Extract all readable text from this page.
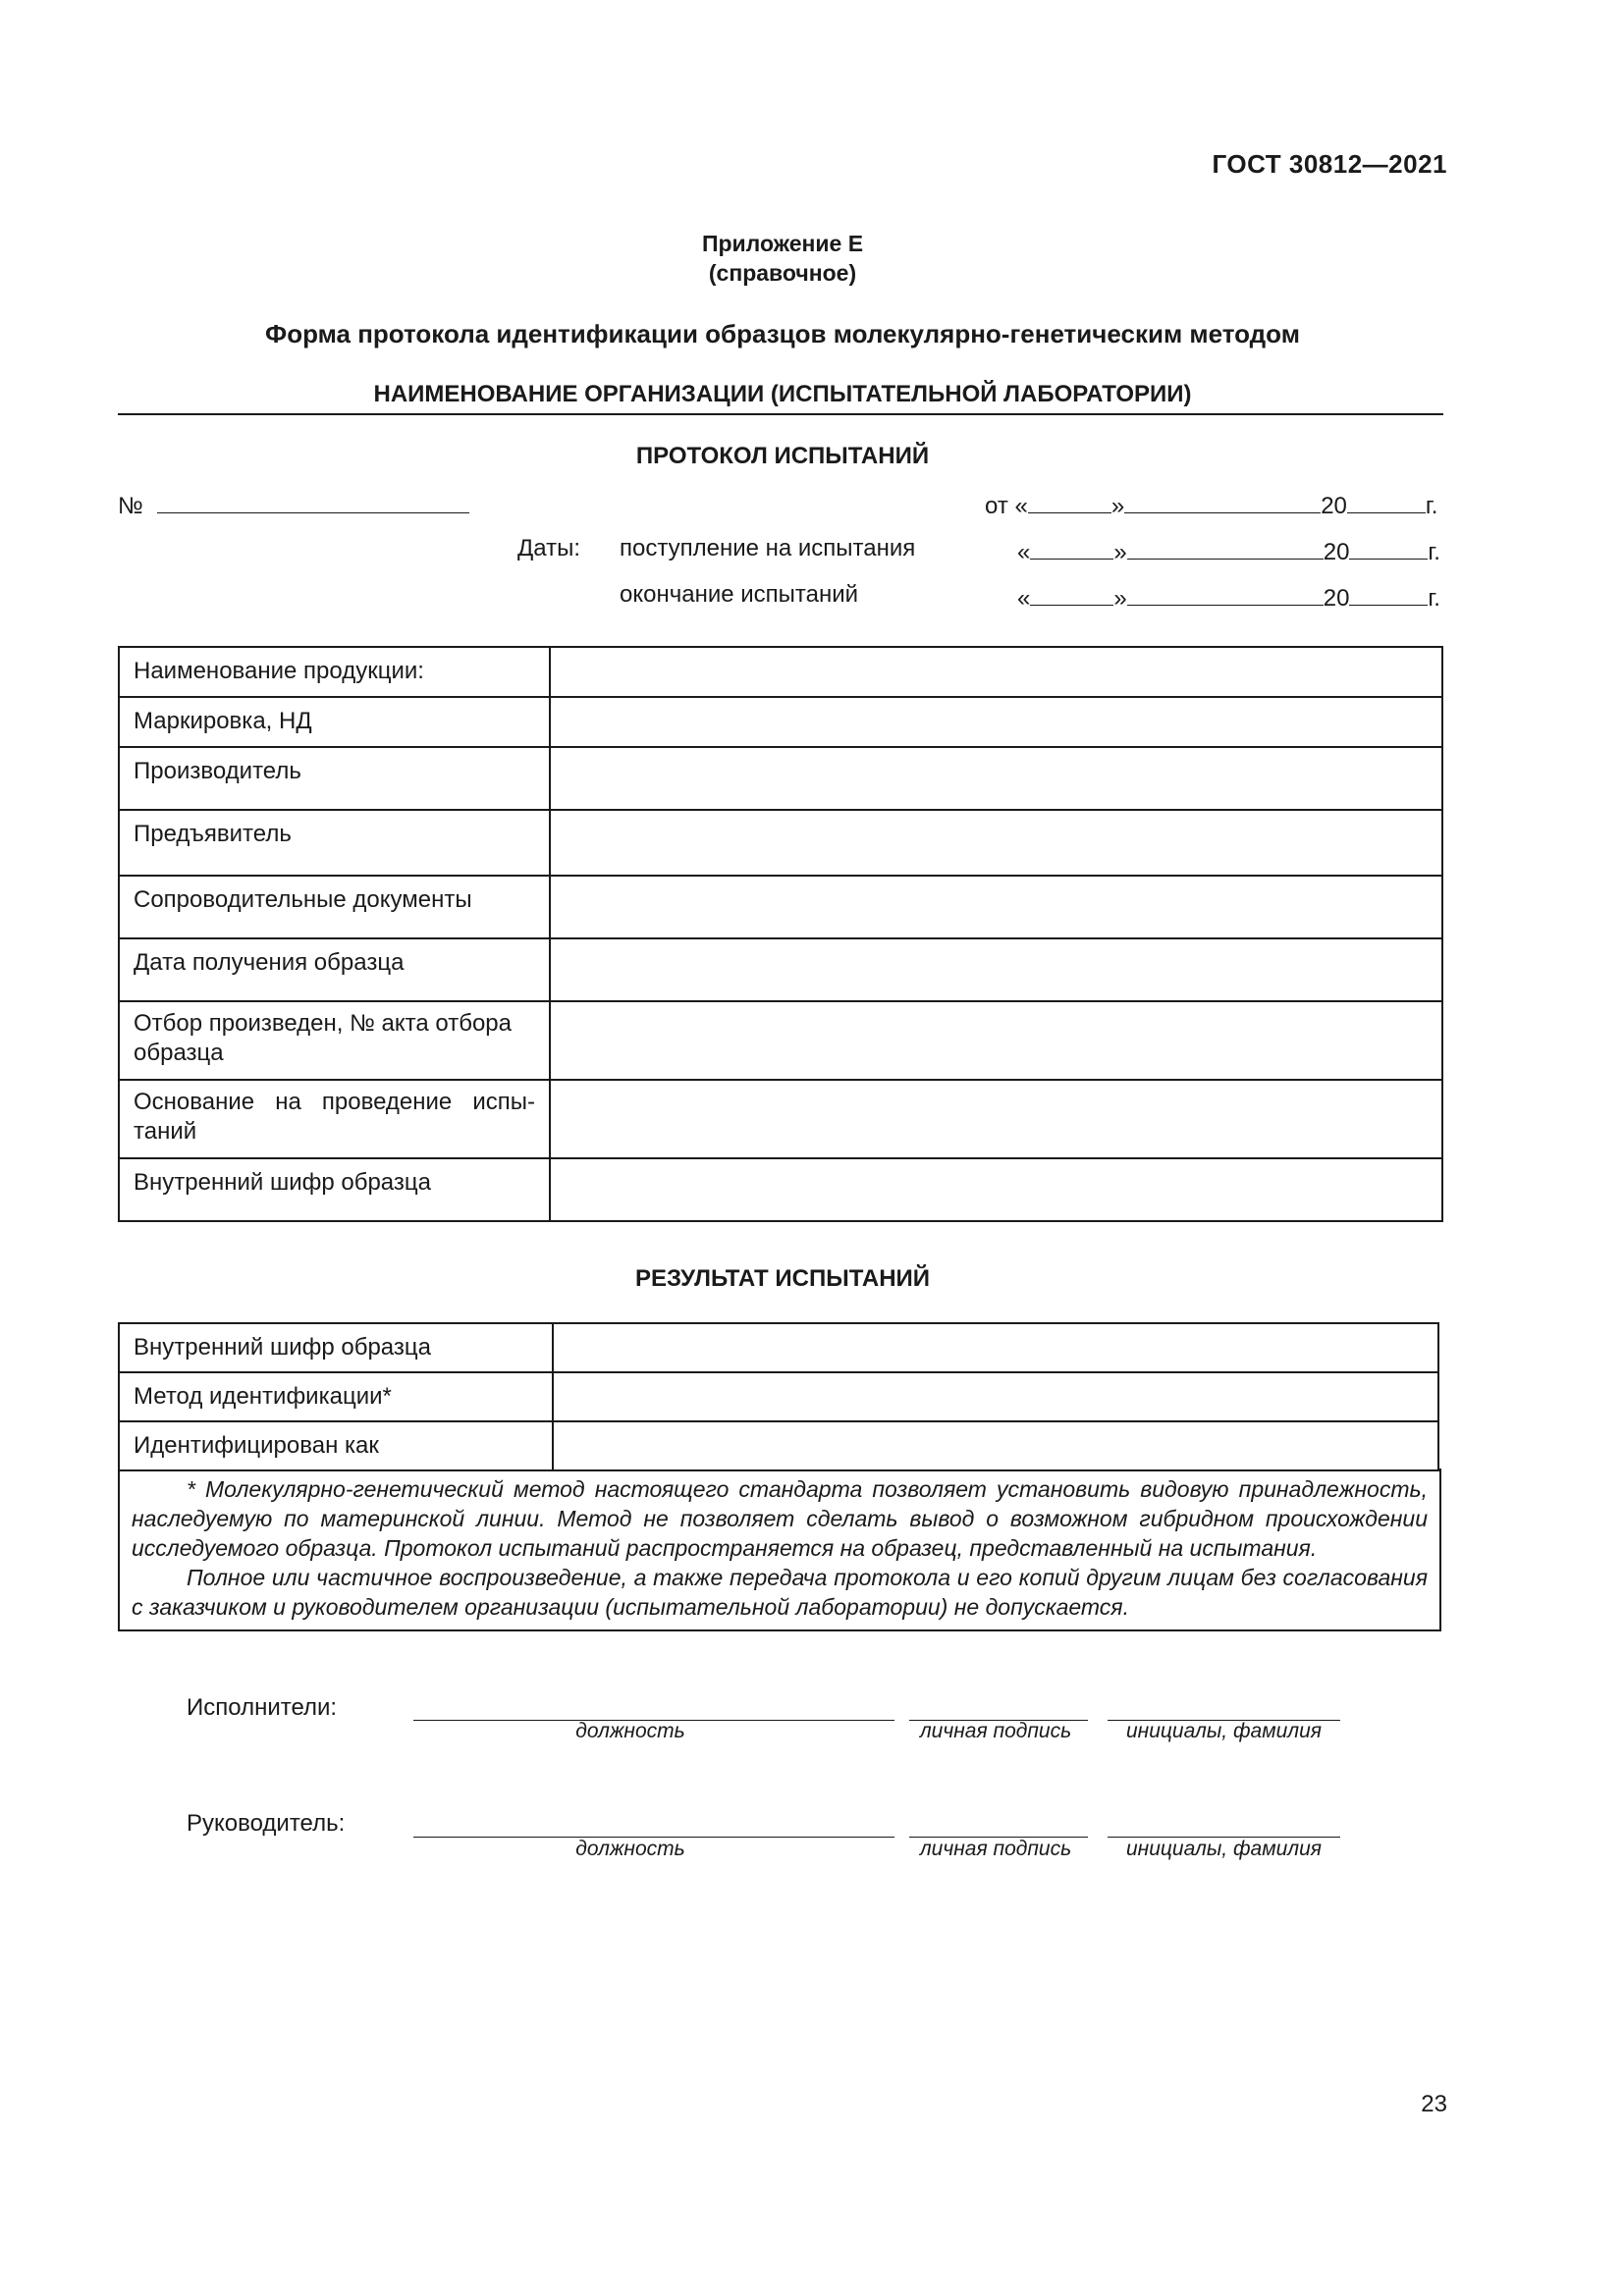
ГОСТ 30812—2021
Приложение Е
(справочное)
Форма протокола идентификации образцов молекулярно-генетическим методом
НАИМЕНОВАНИЕ ОРГАНИЗАЦИИ (ИСПЫТАТЕЛЬНОЙ ЛАБОРАТОРИИ)
ПРОТОКОЛ ИСПЫТАНИЙ
№	от «	»	20	г.
Даты: поступление на испытания	«	»	20	г.
окончание испытаний	«	»	20	г.
Наименование продукции:	

Маркировка, НД	

Производитель	

Предъявитель	

Сопроводительные документы	

Дата получения образца	

Отбор произведен, № акта отбора
образца	

Основание на проведение испы-
таний	

Внутренний шифр образца	

РЕЗУЛЬТАТ ИСПЫТАНИЙ
Внутренний шифр образца	

Метод идентификации*	

Идентифицирован как	

* Молекулярно-генетический метод настоящего стандарта позволяет установить видовую принадлежность, наследуемую по материнской линии. Метод не позволяет сделать вывод о возможном гибридном происхождении исследуемого образца. Протокол испытаний распространяется на образец, представленный на испытания.

Полное или частичное воспроизведение, а также передача протокола и его копий другим лицам без согласования с заказчиком и руководителем организации (испытательной лаборатории) не допускается.

Исполнители:
должность	личная подпись	инициалы, фамилия
Руководитель:
должность	личная подпись	инициалы, фамилия
23
